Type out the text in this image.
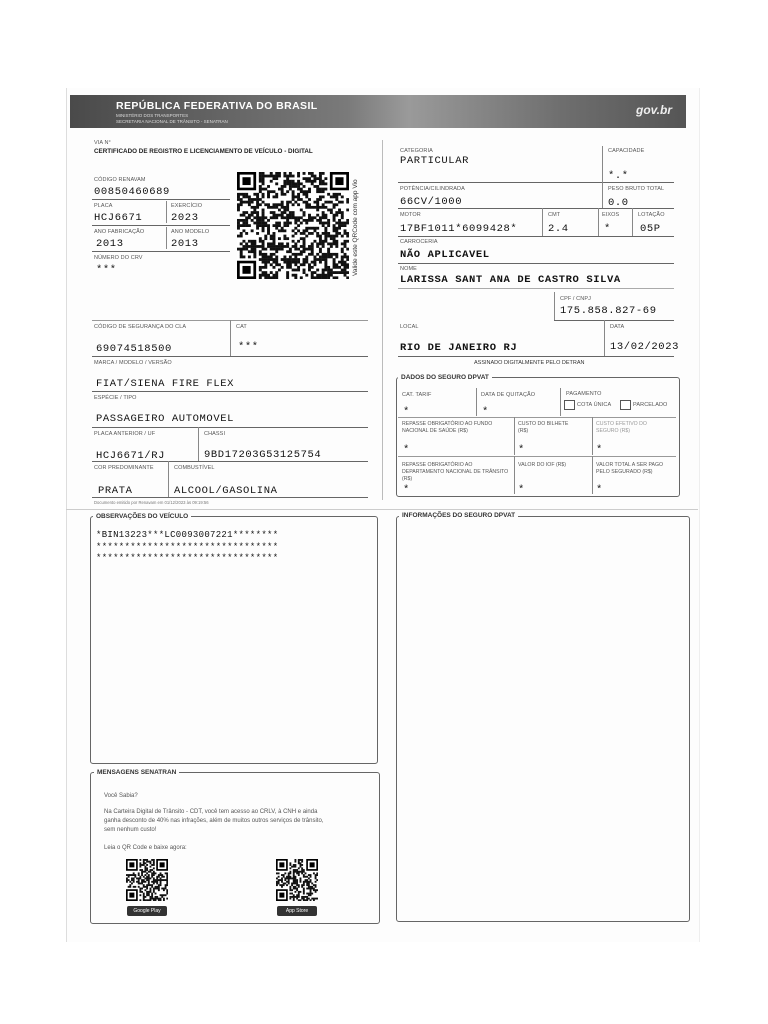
REPÚBLICA FEDERATIVA DO BRASIL
MINISTÉRIO DOS TRANSPORTES
SECRETARIA NACIONAL DE TRÂNSITO - SENATRAN
gov.br
VIA N°
CERTIFICADO DE REGISTRO E LICENCIAMENTO DE VEÍCULO - DIGITAL
CÓDIGO RENAVAM
00850460689
PLACA
HCJ6671
EXERCÍCIO
2023
ANO FABRICAÇÃO
2013
ANO MODELO
2013
NÚMERO DO CRV
***	Valide este QRCode com app Vio
CÓDIGO DE SEGURANÇA DO CLA
69074518500
CAT
***
MARCA / MODELO / VERSÃO
FIAT/SIENA FIRE FLEX
ESPÉCIE / TIPO
PASSAGEIRO AUTOMOVEL
PLACA ANTERIOR / UF
HCJ6671/RJ
CHASSI
9BD17203G53125754
COR PREDOMINANTE
PRATA
COMBUSTÍVEL
ALCOOL/GASOLINA
Documento emitido por Renavam em 01/12/2023 às 09:19:56
CATEGORIA
PARTICULAR
CAPACIDADE
*.*
POTÊNCIA/CILINDRADA
66CV/1000
PESO BRUTO TOTAL
0.0
MOTOR
17BF1011*6099428*
CMT
2.4
EIXOS
*
LOTAÇÃO
05P
CARROCERIA
NÃO APLICAVEL
NOME
LARISSA SANT ANA DE CASTRO SILVA
CPF / CNPJ
175.858.827-69
LOCAL
RIO DE JANEIRO RJ
DATA
13/02/2023
ASSINADO DIGITALMENTE PELO DETRAN
DADOS DO SEGURO DPVAT
CAT. TARIF
*
DATA DE QUITAÇÃO
*
PAGAMENTO
COTA ÚNICA	PARCELADO
REPASSE OBRIGATÓRIO AO FUNDO NACIONAL DE SAÚDE (R$)
*
CUSTO DO BILHETE (R$)
*
CUSTO EFETIVO DO SEGURO (R$)
*
REPASSE OBRIGATÓRIO AO DEPARTAMENTO NACIONAL DE TRÂNSITO (R$)
*
VALOR DO IOF (R$)
*
VALOR TOTAL A SER PAGO PELO SEGURADO (R$)
*
OBSERVAÇÕES DO VEÍCULO
*BIN13223***LC0093007221********
********************************
********************************
INFORMAÇÕES DO SEGURO DPVAT
MENSAGENS SENATRAN
Você Sabia?
Na Carteira Digital de Trânsito - CDT, você tem acesso ao CRLV, à CNH e ainda ganha desconto de 40% nas infrações, além de muitos outros serviços de trânsito, sem nenhum custo!
Leia o QR Code e baixe agora:
Google Play	App Store
